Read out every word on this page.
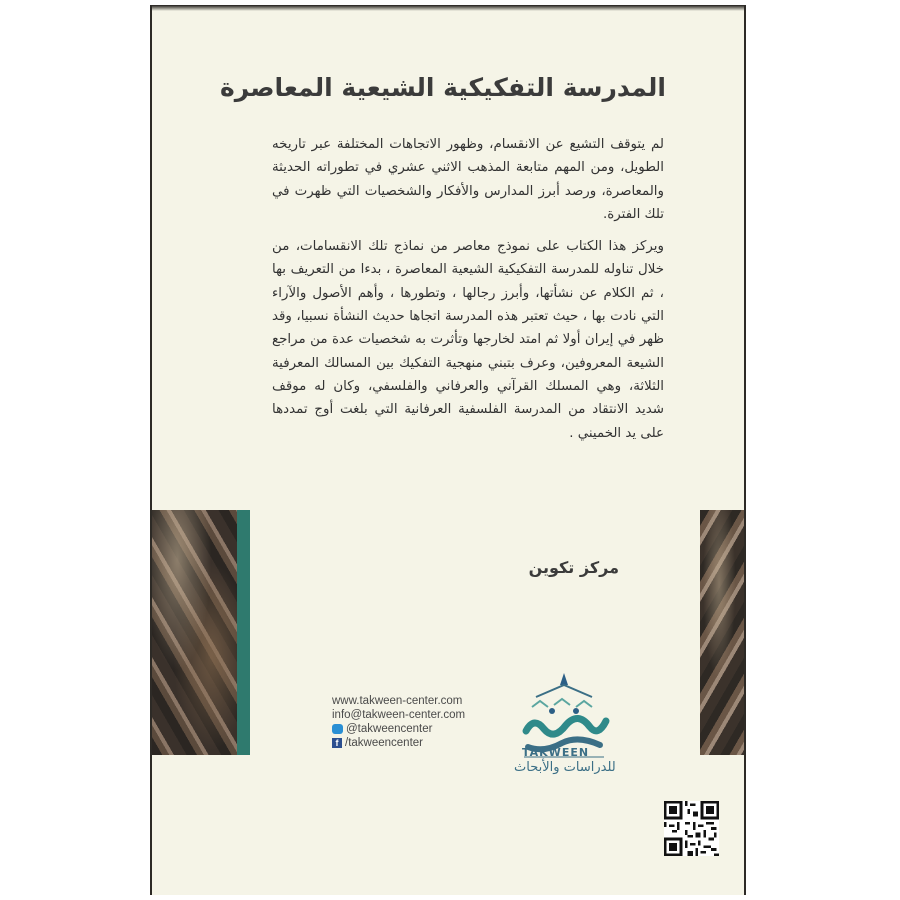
المدرسة التفكيكية الشيعية المعاصرة

لم يتوقف التشيع عن الانقسام، وظهور الاتجاهات المختلفة عبر تاريخه الطويل، ومن المهم متابعة المذهب الاثني عشري في تطوراته الحديثة والمعاصرة، ورصد أبرز المدارس والأفكار والشخصيات التي ظهرت في تلك الفترة.

ويركز هذا الكتاب على نموذج معاصر من نماذج تلك الانقسامات، من خلال تناوله للمدرسة التفكيكية الشيعية المعاصرة ، بدءا من التعريف بها ، ثم الكلام عن نشأتها، وأبرز رجالها ، وتطورها ، وأهم الأصول والآراء التي نادت بها ، حيث تعتبر هذه المدرسة اتجاها حديث النشأة نسبيا، وقد ظهر في إيران أولا ثم امتد لخارجها وتأثرت به شخصيات عدة من مراجع الشيعة المعروفين، وعرف بتبني منهجية التفكيك بين المسالك المعرفية الثلاثة، وهي المسلك القرآني والعرفاني والفلسفي، وكان له موقف شديد الانتقاد من المدرسة الفلسفية العرفانية التي بلغت أوج تمددها على يد الخميني .

مركز تكوين
www.takween-center.com
info@takween-center.com
@takweencenter
f /takweencenter
TAKWEEN
للدراسات والأبحاث
